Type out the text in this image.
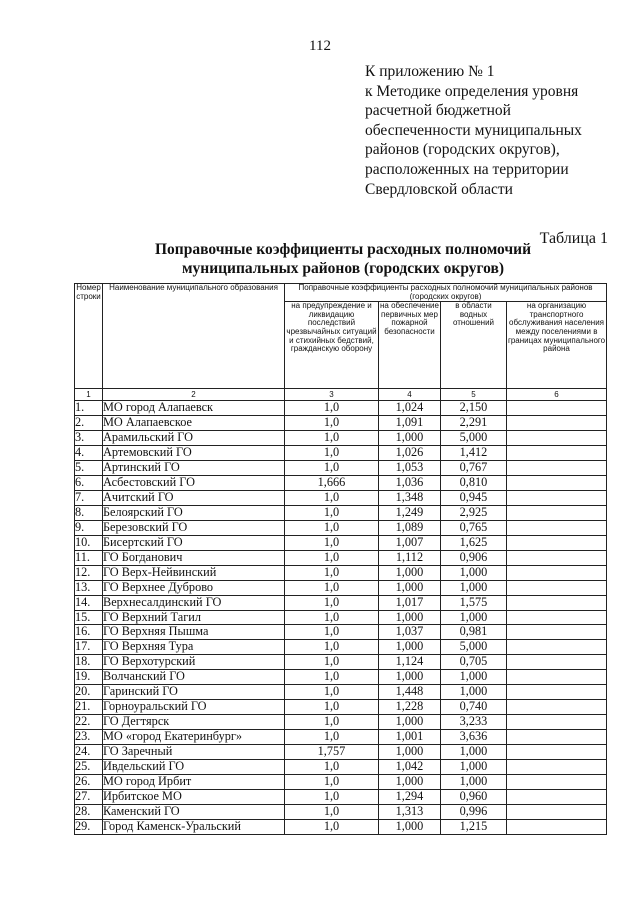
112
К приложению № 1
к Методике определения уровня
расчетной бюджетной
обеспеченности муниципальных
районов (городских округов),
расположенных на территории
Свердловской области
Таблица 1
Поправочные коэффициенты расходных полномочий
муниципальных районов (городских округов)
Номер строки	Наименование муниципального образования	Поправочные коэффициенты расходных полномочий муниципальных районов (городских округов)			
		на предупреждение и ликвидацию последствий чрезвычайных ситуаций и стихийных бедствий, гражданскую оборону	на обеспечение первичных мер пожарной безопасности	в области водных отношений	на организацию транспортного обслуживания населения между поселениями в границах муниципального района
1	2	3	4	5	6
1.	МО город Алапаевск	1,0	1,024	2,150	
2.	МО Алапаевское	1,0	1,091	2,291	
3.	Арамильский ГО	1,0	1,000	5,000	
4.	Артемовский ГО	1,0	1,026	1,412	
5.	Артинский ГО	1,0	1,053	0,767	
6.	Асбестовский ГО	1,666	1,036	0,810	
7.	Ачитский ГО	1,0	1,348	0,945	
8.	Белоярский ГО	1,0	1,249	2,925	
9.	Березовский ГО	1,0	1,089	0,765	
10.	Бисертский ГО	1,0	1,007	1,625	
11.	ГО Богданович	1,0	1,112	0,906	
12.	ГО Верх-Нейвинский	1,0	1,000	1,000	
13.	ГО Верхнее Дуброво	1,0	1,000	1,000	
14.	Верхнесалдинский ГО	1,0	1,017	1,575	
15.	ГО Верхний Тагил	1,0	1,000	1,000	
16.	ГО Верхняя Пышма	1,0	1,037	0,981	
17.	ГО Верхняя Тура	1,0	1,000	5,000	
18.	ГО Верхотурский	1,0	1,124	0,705	
19.	Волчанский ГО	1,0	1,000	1,000	
20.	Гаринский ГО	1,0	1,448	1,000	
21.	Горноуральский ГО	1,0	1,228	0,740	
22.	ГО Дегтярск	1,0	1,000	3,233	
23.	МО «город Екатеринбург»	1,0	1,001	3,636	
24.	ГО Заречный	1,757	1,000	1,000	
25.	Ивдельский ГО	1,0	1,042	1,000	
26.	МО город Ирбит	1,0	1,000	1,000	
27.	Ирбитское МО	1,0	1,294	0,960	
28.	Каменский ГО	1,0	1,313	0,996	
29.	Город Каменск-Уральский	1,0	1,000	1,215	
